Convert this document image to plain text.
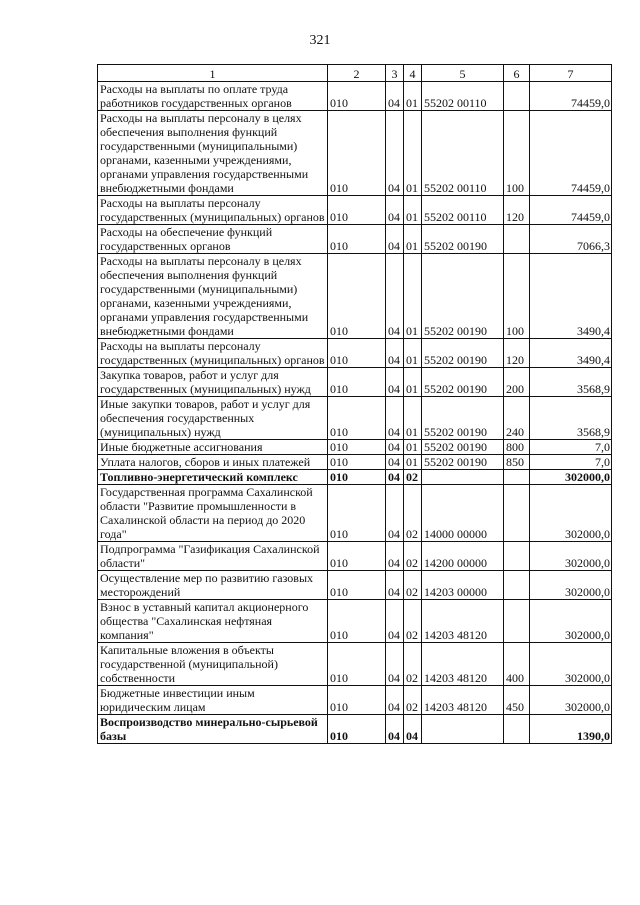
321
1	2	3	4	5	6	7
Расходы на выплаты по оплате труда работников государственных органов	010	04	01	55202 00110		74459,0
Расходы на выплаты персоналу в целях обеспечения выполнения функций государственными (муниципальными) органами, казенными учреждениями, органами управления государственными внебюджетными фондами	010	04	01	55202 00110	100	74459,0
Расходы на выплаты персоналу государственных (муниципальных) органов	010	04	01	55202 00110	120	74459,0
Расходы на обеспечение функций государственных органов	010	04	01	55202 00190		7066,3
Расходы на выплаты персоналу в целях обеспечения выполнения функций государственными (муниципальными) органами, казенными учреждениями, органами управления государственными внебюджетными фондами	010	04	01	55202 00190	100	3490,4
Расходы на выплаты персоналу государственных (муниципальных) органов	010	04	01	55202 00190	120	3490,4
Закупка товаров, работ и услуг для государственных (муниципальных) нужд	010	04	01	55202 00190	200	3568,9
Иные закупки товаров, работ и услуг для обеспечения государственных (муниципальных) нужд	010	04	01	55202 00190	240	3568,9
Иные бюджетные ассигнования	010	04	01	55202 00190	800	7,0
Уплата налогов, сборов и иных платежей	010	04	01	55202 00190	850	7,0
Топливно-энергетический комплекс	010	04	02			302000,0
Государственная программа Сахалинской области "Развитие промышленности в Сахалинской области на период до 2020 года"	010	04	02	14000 00000		302000,0
Подпрограмма "Газификация Сахалинской области"	010	04	02	14200 00000		302000,0
Осуществление мер по развитию газовых месторождений	010	04	02	14203 00000		302000,0
Взнос в уставный капитал акционерного общества "Сахалинская нефтяная компания"	010	04	02	14203 48120		302000,0
Капитальные вложения в объекты государственной (муниципальной) собственности	010	04	02	14203 48120	400	302000,0
Бюджетные инвестиции иным юридическим лицам	010	04	02	14203 48120	450	302000,0
Воспроизводство минерально-сырьевой базы	010	04	04			1390,0
